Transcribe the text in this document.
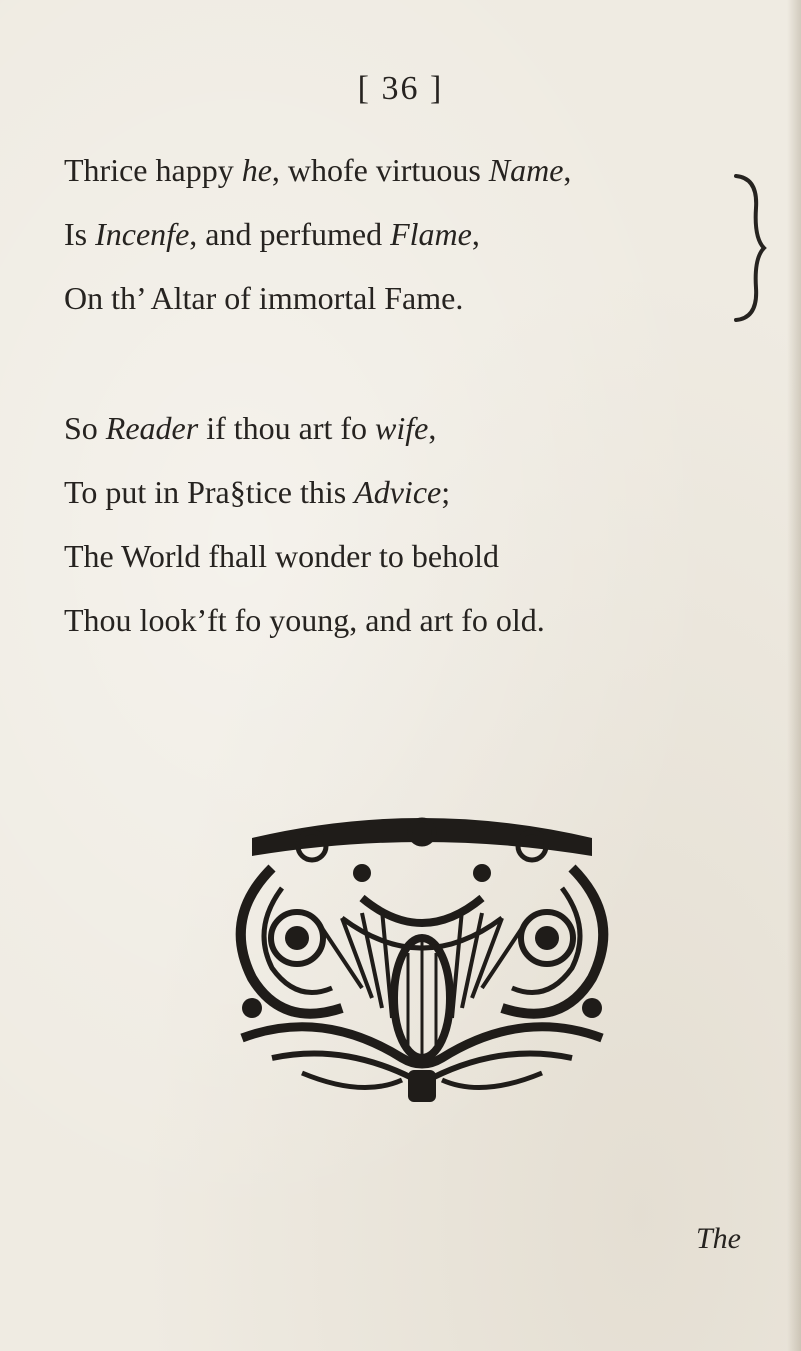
[ 36 ]
Thrice happy he, whofe virtuous Name,
Is Incenfe, and perfumed Flame,
On th’ Altar of immortal Fame.
So Reader if thou art fo wife,
To put in Pra§tice this Advice;
The World fhall wonder to behold
Thou look’ft fo young, and art fo old.
The
